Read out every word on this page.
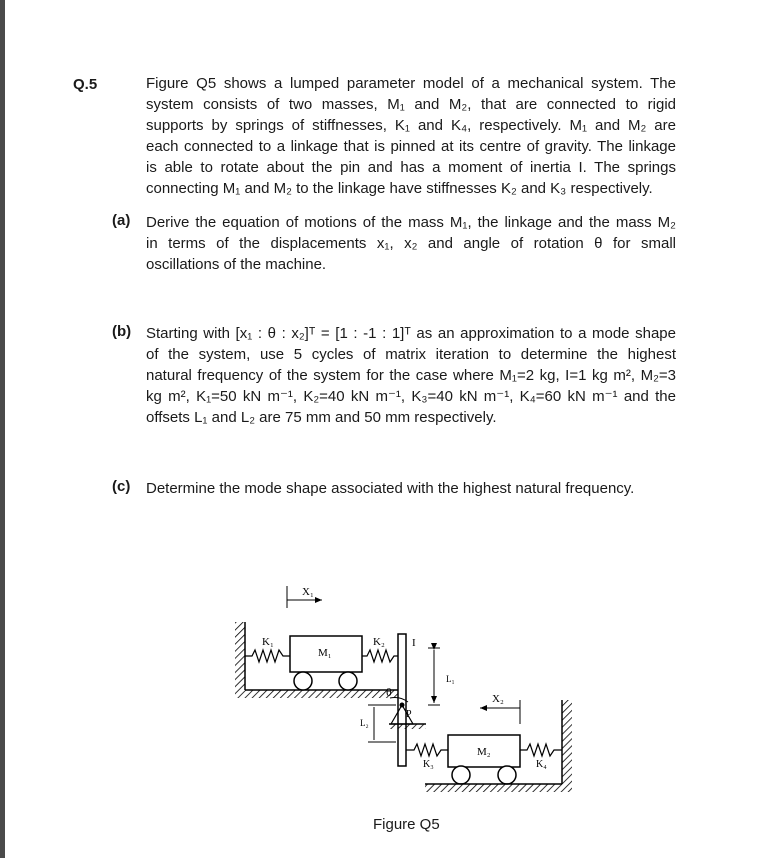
Q.5	Figure Q5 shows a lumped parameter model of a mechanical system. The
system consists of two masses, M₁ and M₂, that are connected to rigid
supports by springs of stiffnesses, K₁ and K₄, respectively. M₁ and M₂ are
each connected to a linkage that is pinned at its centre of gravity. The linkage
is able to rotate about the pin and has a moment of inertia I. The springs
connecting M₁ and M₂ to the linkage have stiffnesses K₂ and K₃ respectively.
(a) Derive the equation of motions of the mass M₁, the linkage and the mass M₂
in terms of the displacements x₁, x₂ and angle of rotation θ for small
oscillations of the machine.
(b) Starting with [x₁ : θ : x₂]ᵀ = [1 : -1 : 1]ᵀ as an approximation to a mode shape
of the system, use 5 cycles of matrix iteration to determine the highest
natural frequency of the system for the case where M₁=2 kg, I=1 kg m², M₂=3
kg m², K₁=50 kN m⁻¹, K₂=40 kN m⁻¹, K₃=40 kN m⁻¹, K₄=60 kN m⁻¹ and the
offsets L₁ and L₂ are 75 mm and 50 mm respectively.
(c) Determine the mode shape associated with the highest natural frequency.
X₁
K₁
M₁
K₂ I
P
θ
L₁
L₂
X₂
K₃
M₂
K₄
Figure Q5
